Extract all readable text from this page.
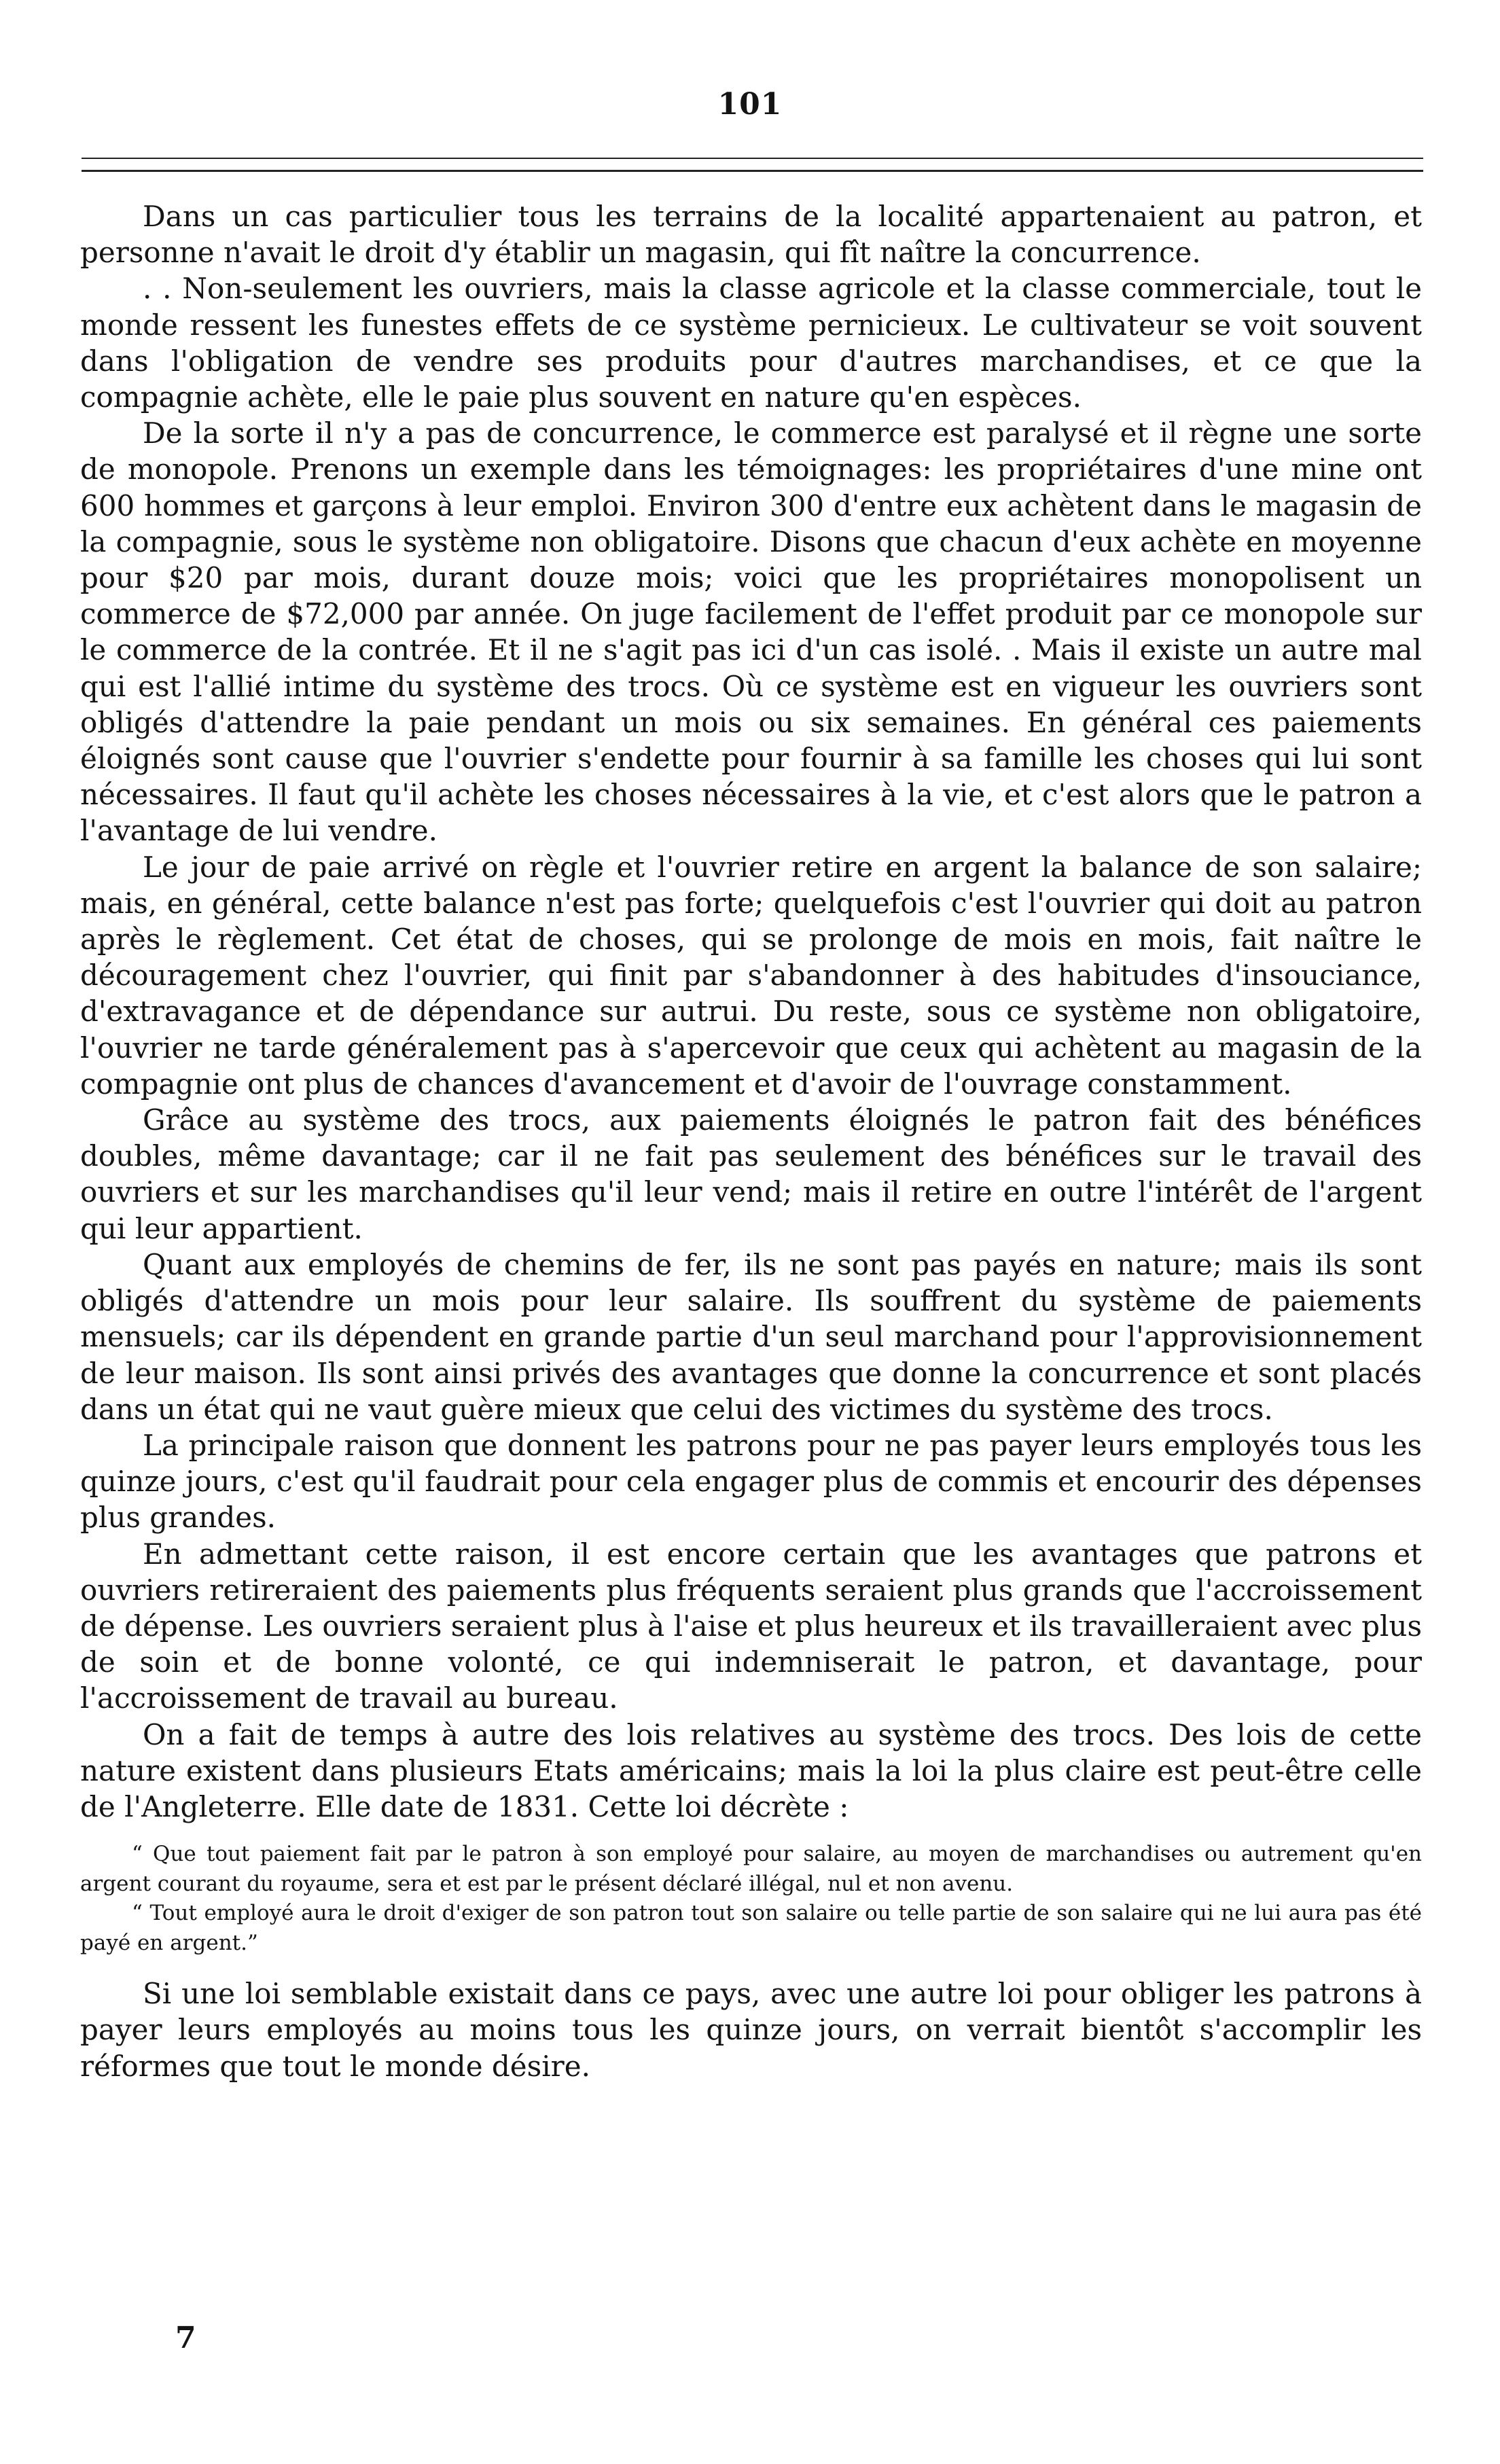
101

Dans un cas particulier tous les terrains de la localité appartenaient au patron, et personne n'avait le droit d'y établir un magasin, qui fît naître la concurrence.

. . Non-seulement les ouvriers, mais la classe agricole et la classe commerciale, tout le monde ressent les funestes effets de ce système pernicieux. Le cultivateur se voit souvent dans l'obligation de vendre ses produits pour d'autres marchandises, et ce que la compagnie achète, elle le paie plus souvent en nature qu'en espèces.

De la sorte il n'y a pas de concurrence, le commerce est paralysé et il règne une sorte de monopole. Prenons un exemple dans les témoignages: les propriétaires d'une mine ont 600 hommes et garçons à leur emploi. Environ 300 d'entre eux achètent dans le magasin de la compagnie, sous le système non obligatoire. Disons que chacun d'eux achète en moyenne pour $20 par mois, durant douze mois; voici que les propriétaires monopolisent un commerce de $72,000 par année. On juge facilement de l'effet produit par ce monopole sur le commerce de la contrée. Et il ne s'agit pas ici d'un cas isolé. . Mais il existe un autre mal qui est l'allié intime du système des trocs. Où ce système est en vigueur les ouvriers sont obligés d'attendre la paie pendant un mois ou six semaines. En général ces paiements éloignés sont cause que l'ouvrier s'endette pour fournir à sa famille les choses qui lui sont nécessaires. Il faut qu'il achète les choses nécessaires à la vie, et c'est alors que le patron a l'avantage de lui vendre.

Le jour de paie arrivé on règle et l'ouvrier retire en argent la balance de son salaire; mais, en général, cette balance n'est pas forte; quelquefois c'est l'ouvrier qui doit au patron après le règlement. Cet état de choses, qui se prolonge de mois en mois, fait naître le découragement chez l'ouvrier, qui finit par s'abandonner à des habitudes d'insouciance, d'extravagance et de dépendance sur autrui. Du reste, sous ce système non obligatoire, l'ouvrier ne tarde généralement pas à s'apercevoir que ceux qui achètent au magasin de la compagnie ont plus de chances d'avancement et d'avoir de l'ouvrage constamment.

Grâce au système des trocs, aux paiements éloignés le patron fait des bénéfices doubles, même davantage; car il ne fait pas seulement des bénéfices sur le travail des ouvriers et sur les marchandises qu'il leur vend; mais il retire en outre l'intérêt de l'argent qui leur appartient.

Quant aux employés de chemins de fer, ils ne sont pas payés en nature; mais ils sont obligés d'attendre un mois pour leur salaire. Ils souffrent du système de paiements mensuels; car ils dépendent en grande partie d'un seul marchand pour l'approvisionnement de leur maison. Ils sont ainsi privés des avantages que donne la concurrence et sont placés dans un état qui ne vaut guère mieux que celui des victimes du système des trocs.

La principale raison que donnent les patrons pour ne pas payer leurs employés tous les quinze jours, c'est qu'il faudrait pour cela engager plus de commis et encourir des dépenses plus grandes.

En admettant cette raison, il est encore certain que les avantages que patrons et ouvriers retireraient des paiements plus fréquents seraient plus grands que l'accroissement de dépense. Les ouvriers seraient plus à l'aise et plus heureux et ils travailleraient avec plus de soin et de bonne volonté, ce qui indemniserait le patron, et davantage, pour l'accroissement de travail au bureau.

On a fait de temps à autre des lois relatives au système des trocs. Des lois de cette nature existent dans plusieurs Etats américains; mais la loi la plus claire est peut-être celle de l'Angleterre. Elle date de 1831. Cette loi décrète :

“ Que tout paiement fait par le patron à son employé pour salaire, au moyen de marchandises ou autrement qu'en argent courant du royaume, sera et est par le présent déclaré illégal, nul et non avenu.

“ Tout employé aura le droit d'exiger de son patron tout son salaire ou telle partie de son salaire qui ne lui aura pas été payé en argent.”

Si une loi semblable existait dans ce pays, avec une autre loi pour obliger les patrons à payer leurs employés au moins tous les quinze jours, on verrait bientôt s'accomplir les réformes que tout le monde désire.

7
